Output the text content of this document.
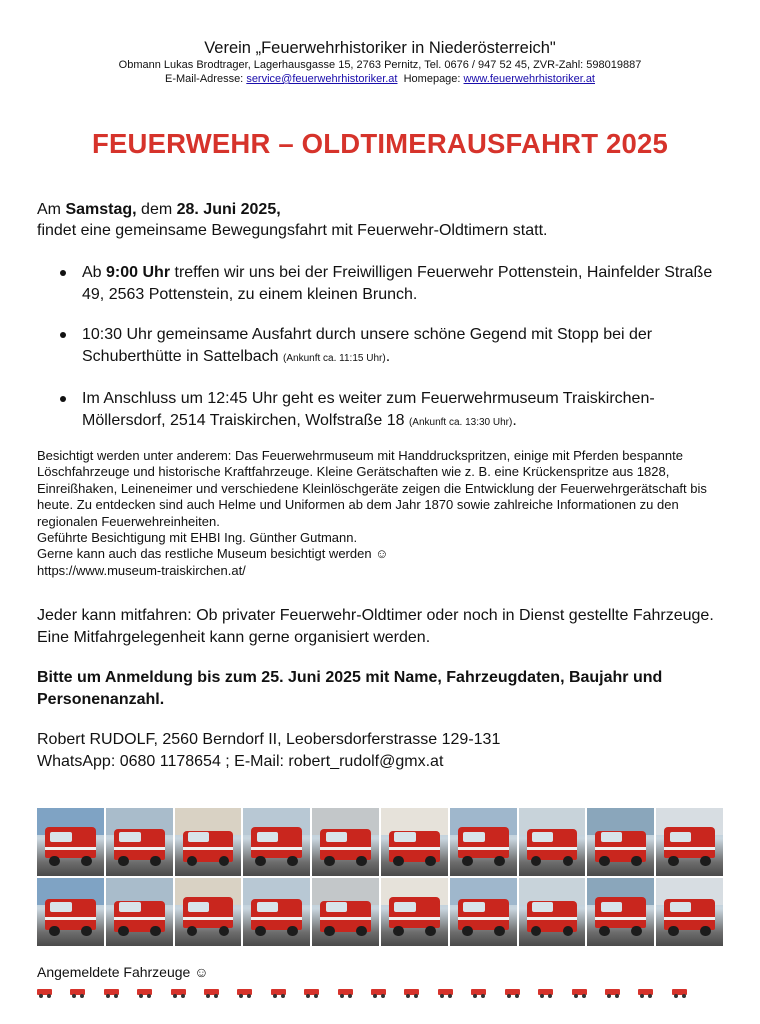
Verein „Feuerwehrhistoriker in Niederösterreich"
Obmann Lukas Brodtrager, Lagerhausgasse 15, 2763 Pernitz, Tel. 0676 / 947 52 45, ZVR-Zahl: 598019887
E-Mail-Adresse: service@feuerwehrhistoriker.at Homepage: www.feuerwehrhistoriker.at
FEUERWEHR – OLDTIMERAUSFAHRT 2025
Am Samstag, dem 28. Juni 2025,
findet eine gemeinsame Bewegungsfahrt mit Feuerwehr-Oldtimern statt.
Ab 9:00 Uhr treffen wir uns bei der Freiwilligen Feuerwehr Pottenstein, Hainfelder Straße 49, 2563 Pottenstein, zu einem kleinen Brunch.
10:30 Uhr gemeinsame Ausfahrt durch unsere schöne Gegend mit Stopp bei der Schuberthütte in Sattelbach (Ankunft ca. 11:15 Uhr).
Im Anschluss um 12:45 Uhr geht es weiter zum Feuerwehrmuseum Traiskirchen-Möllersdorf, 2514 Traiskirchen, Wolfstraße 18 (Ankunft ca. 13:30 Uhr).
Besichtigt werden unter anderem: Das Feuerwehrmuseum mit Handdruckspritzen, einige mit Pferden bespannte Löschfahrzeuge und historische Kraftfahrzeuge. Kleine Gerätschaften wie z. B. eine Krückenspritze aus 1828, Einreißhaken, Leineneimer und verschiedene Kleinlöschgeräte zeigen die Entwicklung der Feuerwehrgerätschaft bis heute. Zu entdecken sind auch Helme und Uniformen ab dem Jahr 1870 sowie zahlreiche Informationen zu den regionalen Feuerwehreinheiten.
Geführte Besichtigung mit EHBI Ing. Günther Gutmann.
Gerne kann auch das restliche Museum besichtigt werden ☺
https://www.museum-traiskirchen.at/
Jeder kann mitfahren: Ob privater Feuerwehr-Oldtimer oder noch in Dienst gestellte Fahrzeuge. Eine Mitfahrgelegenheit kann gerne organisiert werden.
Bitte um Anmeldung bis zum 25. Juni 2025 mit Name, Fahrzeugdaten, Baujahr und Personenanzahl.
Robert RUDOLF, 2560 Berndorf II, Leobersdorferstrasse 129-131
WhatsApp: 0680 1178654 ; E-Mail: robert_rudolf@gmx.at
Angemeldete Fahrzeuge ☺
